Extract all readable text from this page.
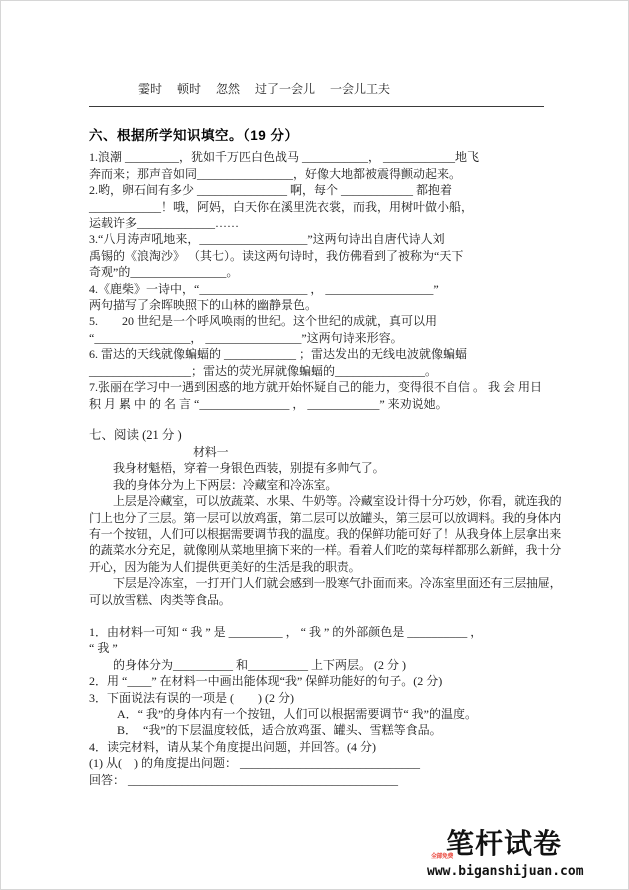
霎时　 顿时　 忽然　 过了一会儿　 一会儿工夫
六、根据所学知识填空。（19 分）
1.浪潮 _________，犹如千万匹白色战马 ___________， ____________地飞
奔而来；那声音如同________________，好像大地都被震得颤动起来。
2.哟，卵石间有多少 _______________ 啊，每个 ____________ 都抱着
____________！哦，阿妈，白天你在溪里洗衣裳，而我，用树叶做小船，
运载许多_____________……
3.“八月涛声吼地来，__________________”这两句诗出自唐代诗人刘
禹锡的《浪淘沙》 （其七）。读这两句诗时，我仿佛看到了被称为“天下
奇观”的________________。
4.《鹿柴》一诗中，“__________________ ， __________________”
两句描写了余晖映照下的山林的幽静景色。
5.　　20 世纪是一个呼风唤雨的世纪。这个世纪的成就，真可以用
“________________， ________________”这两句诗来形容。
6. 雷达的天线就像蝙蝠的 ____________ ；雷达发出的无线电波就像蝙蝠
_________________；雷达的荧光屏就像蝙蝠的_______________。
7.张丽在学习中一遇到困惑的地方就开始怀疑自己的能力，变得很不自信 。 我 会 用日
积 月 累 中 的 名 言 “_______________ ， ____________” 来劝说她。
七、阅读 (21 分 )
材料一
我身材魁梧，穿着一身银色西装，别提有多帅气了。
我的身体分为上下两层：冷藏室和冷冻室。
上层是冷藏室，可以放蔬菜、水果、牛奶等。冷藏室设计得十分巧妙，你看，就连我的
门上也分了三层。第一层可以放鸡蛋，第二层可以放罐头，第三层可以放调料。我的身体内
有一个按钮，人们可以根据需要调节我的温度。我的保鲜功能可好了！从我身体上层拿出来
的蔬菜水分充足，就像刚从菜地里摘下来的一样。看着人们吃的菜每样都那么新鲜，我十分
开心，因为能为人们提供更美好的生活是我的职责。
下层是冷冻室，一打开门人们就会感到一股寒气扑面而来。冷冻室里面还有三层抽屉，
可以放雪糕、肉类等食品。
1．由材料一可知 “ 我 ” 是 _________ ， “ 我 ” 的外部颜色是 __________ ，
“ 我 ”
的身体分为__________ 和__________ 上下两层。 (2 分 )
2．用 “____” 在材料一中画出能体现“我” 保鲜功能好的句子。(2 分)
3．下面说法有误的一项是 (　　) (2 分)
A．“ 我”的身体内有一个按钮，人们可以根据需要调节“ 我”的温度。
B．　“我”的下层温度较低，适合放鸡蛋、罐头、雪糕等食品。
4．读完材料，请从某个角度提出问题，并回答。(4 分)
(1) 从(　) 的角度提出问题： ______________________________
回答： _____________________________________________
笔杆试卷
全部免费
www.biganshijuan.com
